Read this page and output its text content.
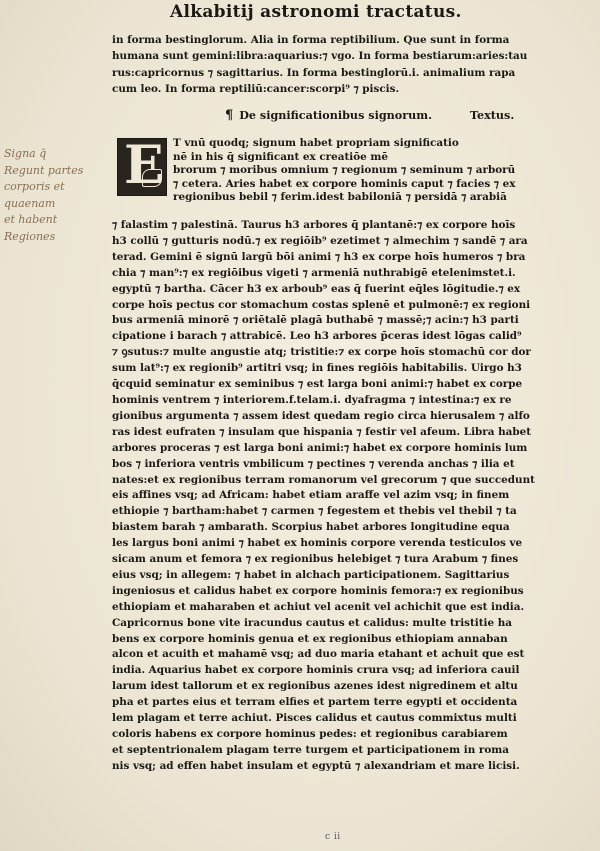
Alkabitij astronomi tractatus.
in forma bestinglorum. Alia in forma reptibilium. Que sunt in forma
humana sunt gemini:libra:aquarius:⁊ vgo. In forma bestiarum:aries:tau
rus:capricornus ⁊ sagittarius. In forma bestinglorū.i. animalium rapa
cum leo. In forma reptiliū:cancer:scorpi⁹ ⁊ piscis.
¶ De significationibus signorum.	Textus.
E T vnū quodq; signum habet propriam significatio
nē in his q̄ significant ex creatiōe mē
brorum ⁊ moribus omnium ⁊ regionum ⁊ seminum ⁊ arborū
⁊ cetera. Aries habet ex corpore hominis caput ⁊ facies ⁊ ex
regionibus bebil ⁊ ferim.idest babiloniā ⁊ persidā ⁊ arabiā
⁊ falastim ⁊ palestinā. Taurus h3 arbores q̄ plantanē:⁊ ex corpore hoīs
h3 collū ⁊ gutturis nodū.⁊ ex regiōib⁹ ezetimet ⁊ almechim ⁊ sandē ⁊ ara
terad. Gemini ē signū largū bōi animi ⁊ h3 ex corpe hoīs humeros ⁊ bra
chia ⁊ man⁹:⁊ ex regiōibus vigeti ⁊ armeniā nuthrabigē etelenimstet.i.
egyptū ⁊ bartha. Cācer h3 ex arboub⁹ eas q̄ fuerint eq̄les lōgitudie.⁊ ex
corpe hoīs pectus cor stomachum costas splenē et pulmonē:⁊ ex regioni
bus armeniā minorē ⁊ oriētalē plagā buthabē ⁊ massē;⁊ acin:⁊ h3 parti
cipatione i barach ⁊ attrabicē. Leo h3 arbores p̄ceras idest lōgas calid⁹
⁊ ꝯsutus:⁊ multe angustie atq; tristitie:⁊ ex corpe hoīs stomachū cor dor
sum lat⁹:⁊ ex regionib⁹ artitri vsq; in fines regiōis habitabilis. Uirgo h3
q̄cquid seminatur ex seminibus ⁊ est larga boni animi:⁊ habet ex corpe
hominis ventrem ⁊ interiorem.f.telam.i. dyafragma ⁊ intestina:⁊ ex re
gionibus argumenta ⁊ assem idest quedam regio circa hierusalem ⁊ alfo
ras idest eufraten ⁊ insulam que hispania ⁊ festir vel afeum. Libra habet
arbores proceras ⁊ est larga boni animi:⁊ habet ex corpore hominis lum
bos ⁊ inferiora ventris vmbilicum ⁊ pectines ⁊ verenda anchas ⁊ ilia et
nates:et ex regionibus terram romanorum vel grecorum ⁊ que succedunt
eis affines vsq; ad Africam: habet etiam araffe vel azim vsq; in finem
ethiopie ⁊ bartham:habet ⁊ carmen ⁊ fegestem et thebis vel thebil ⁊ ta
biastem barah ⁊ ambarath. Scorpius habet arbores longitudine equa
les largus boni animi ⁊ habet ex hominis corpore verenda testiculos ve
sicam anum et femora ⁊ ex regionibus helebiget ⁊ tura Arabum ⁊ fines
eius vsq; in allegem: ⁊ habet in alchach participationem. Sagittarius
ingeniosus et calidus habet ex corpore hominis femora:⁊ ex regionibus
ethiopiam et maharaben et achiut vel acenit vel achichit que est india.
Capricornus bone vite iracundus cautus et calidus: multe tristitie ha
bens ex corpore hominis genua et ex regionibus ethiopiam annaban
alcon et acuith et mahamē vsq; ad duo maria etahant et achuit que est
india. Aquarius habet ex corpore hominis crura vsq; ad inferiora cauil
larum idest tallorum et ex regionibus azenes idest nigredinem et altu
pha et partes eius et terram elfies et partem terre egypti et occidenta
lem plagam et terre achiut. Pisces calidus et cautus commixtus multi
coloris habens ex corpore hominus pedes: et regionibus carabiarem
et septentrionalem plagam terre turgem et participationem in roma
nis vsq; ad effen habet insulam et egyptū ⁊ alexandriam et mare licisi.
Signa q̄
Regunt partes
corporis et
quaenam
et habent
Regiones
c ii
